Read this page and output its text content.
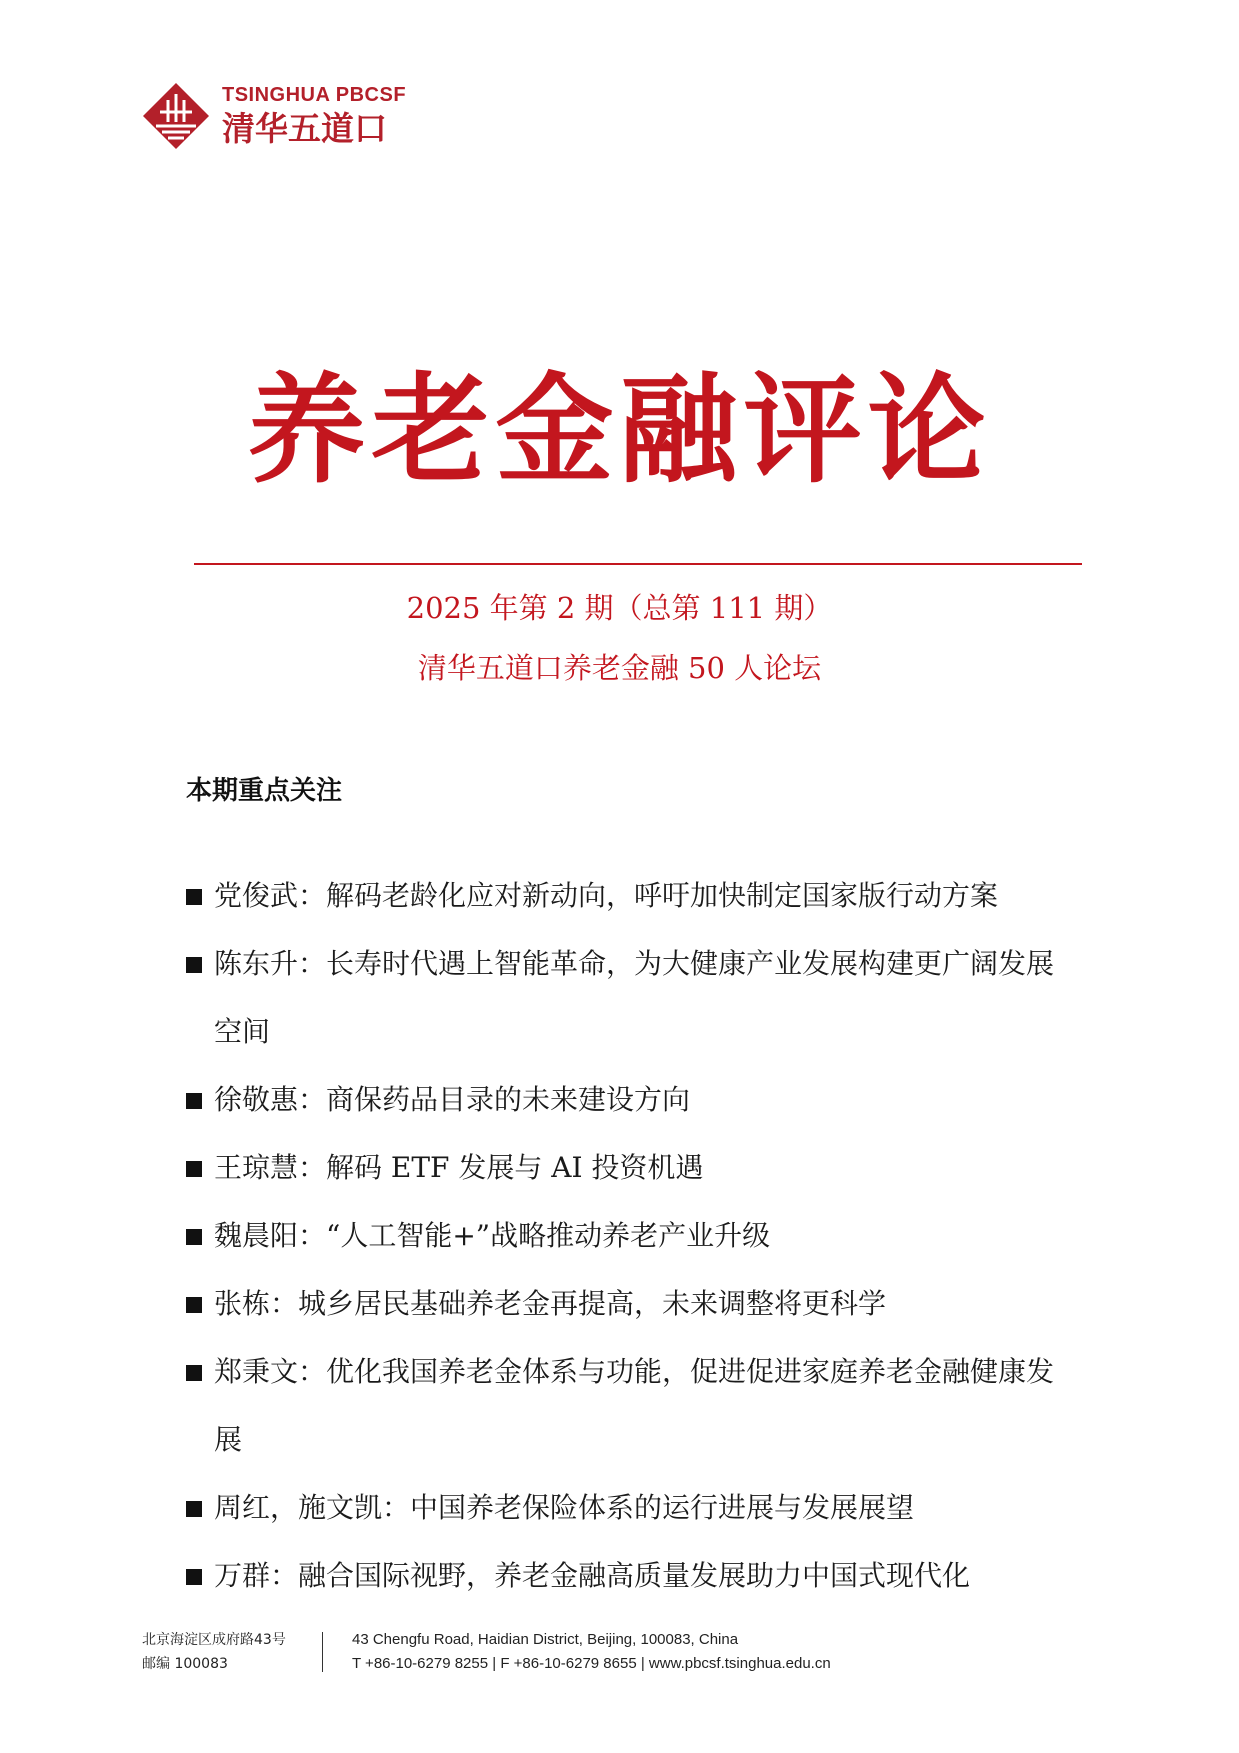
TSINGHUA PBCSF
清华五道口
养老金融评论
2025 年第 2 期（总第 111 期）
清华五道口养老金融 50 人论坛
本期重点关注
党俊武：解码老龄化应对新动向，呼吁加快制定国家版行动方案
陈东升：长寿时代遇上智能革命，为大健康产业发展构建更广阔发展空间
徐敬惠：商保药品目录的未来建设方向
王琼慧：解码 ETF 发展与 AI 投资机遇
魏晨阳：“人工智能+”战略推动养老产业升级
张栋：城乡居民基础养老金再提高，未来调整将更科学
郑秉文：优化我国养老金体系与功能，促进促进家庭养老金融健康发展
周红，施文凯：中国养老保险体系的运行进展与发展展望
万群：融合国际视野，养老金融高质量发展助力中国式现代化
北京海淀区成府路43号
邮编 100083
43 Chengfu Road, Haidian District, Beijing, 100083, China
T +86-10-6279 8255 | F +86-10-6279 8655 | www.pbcsf.tsinghua.edu.cn
